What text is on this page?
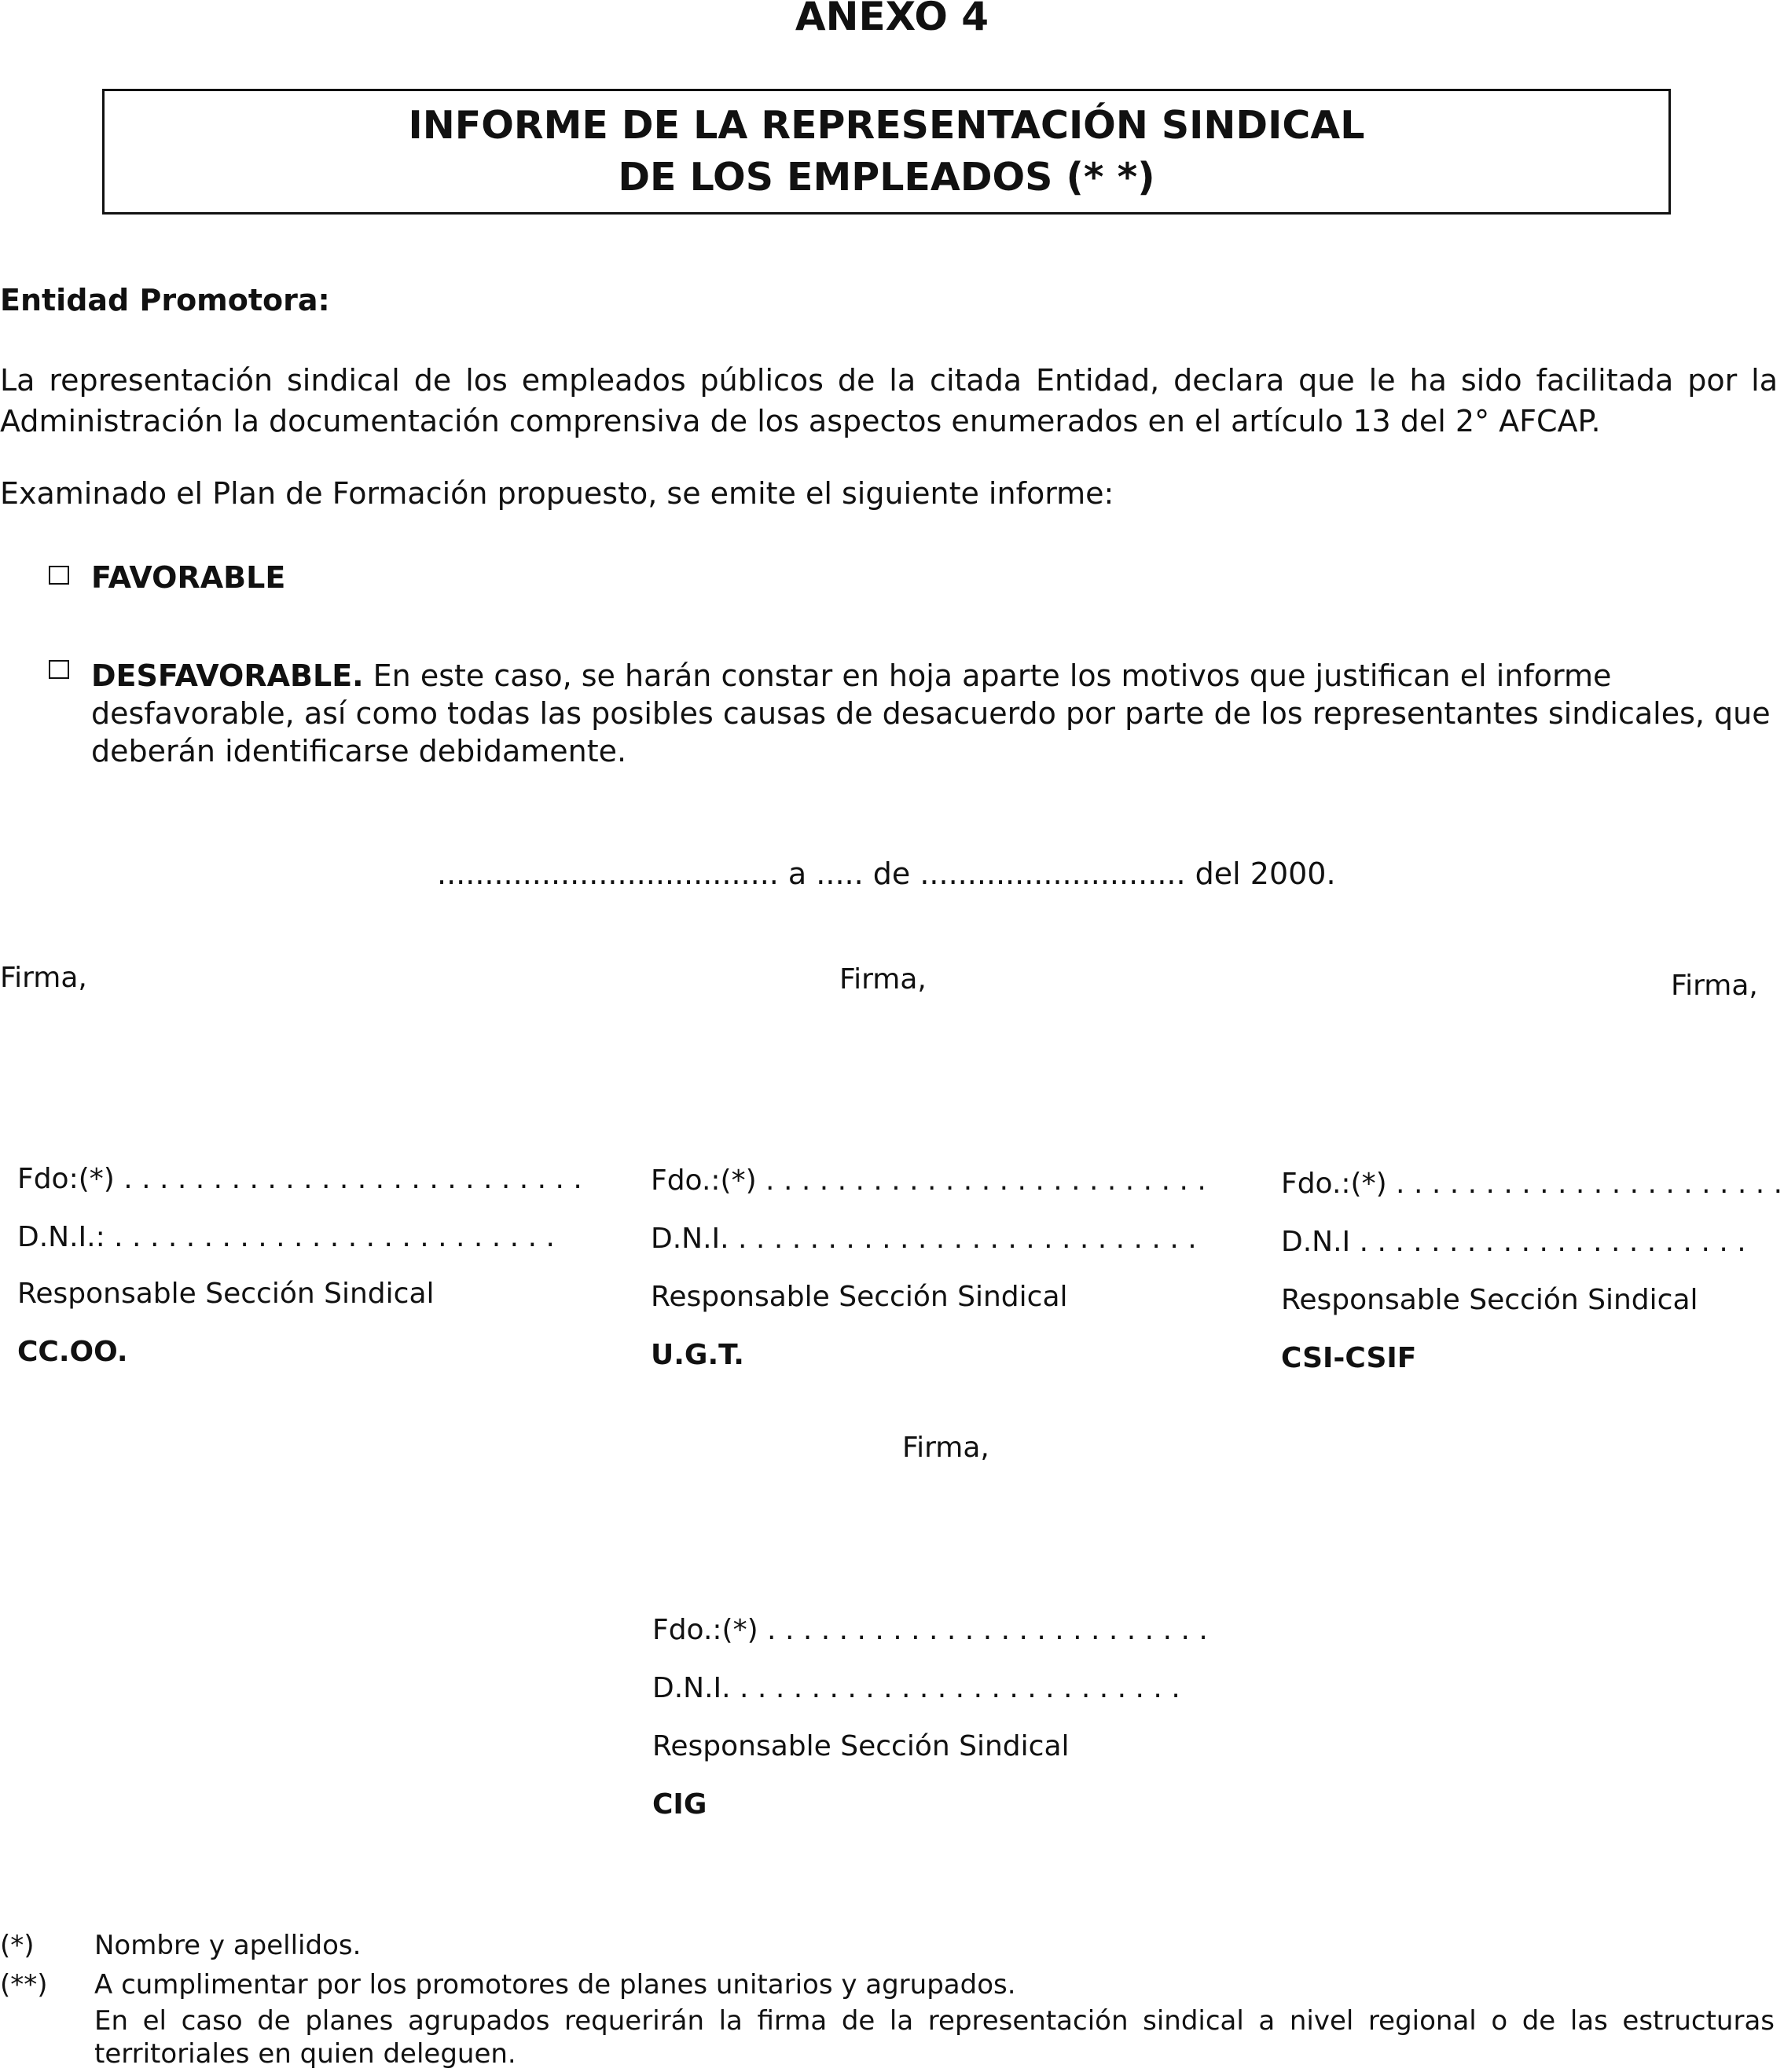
ANEXO 4
INFORME DE LA REPRESENTACIÓN SINDICAL
DE LOS EMPLEADOS (* *)
Entidad Promotora:
La representación sindical de los empleados públicos de la citada Entidad, declara que le ha sido facilitada por la
Administración la documentación comprensiva de los aspectos enumerados en el artículo 13 del 2° AFCAP.
Examinado el Plan de Formación propuesto, se emite el siguiente informe:
FAVORABLE
DESFAVORABLE. En este caso, se harán constar en hoja aparte los motivos que justifican el informe desfavorable, así como todas las posibles causas de desacuerdo por parte de los representantes sindicales, que deberán identificarse debidamente.
.................................... a ..... de ............................ del 2000.
Firma,	Firma,	Firma,
Fdo:(*) . . . . . . . . . . . . . . . . . . . . . . . . . .
D.N.I.: . . . . . . . . . . . . . . . . . . . . . . . . .
Responsable Sección Sindical
CC.OO.
Fdo.:(*) . . . . . . . . . . . . . . . . . . . . . . . . .
D.N.I. . . . . . . . . . . . . . . . . . . . . . . . . . .
Responsable Sección Sindical
U.G.T.
Fdo.:(*) . . . . . . . . . . . . . . . . . . . . . .
D.N.I . . . . . . . . . . . . . . . . . . . . . .
Responsable Sección Sindical
CSI-CSIF
Firma,
Fdo.:(*) . . . . . . . . . . . . . . . . . . . . . . . . .
D.N.I. . . . . . . . . . . . . . . . . . . . . . . . . .
Responsable Sección Sindical
CIG
(*) Nombre y apellidos.
(**) A cumplimentar por los promotores de planes unitarios y agrupados.
En el caso de planes agrupados requerirán la firma de la representación sindical a nivel regional o de las estructuras
territoriales en quien deleguen.
